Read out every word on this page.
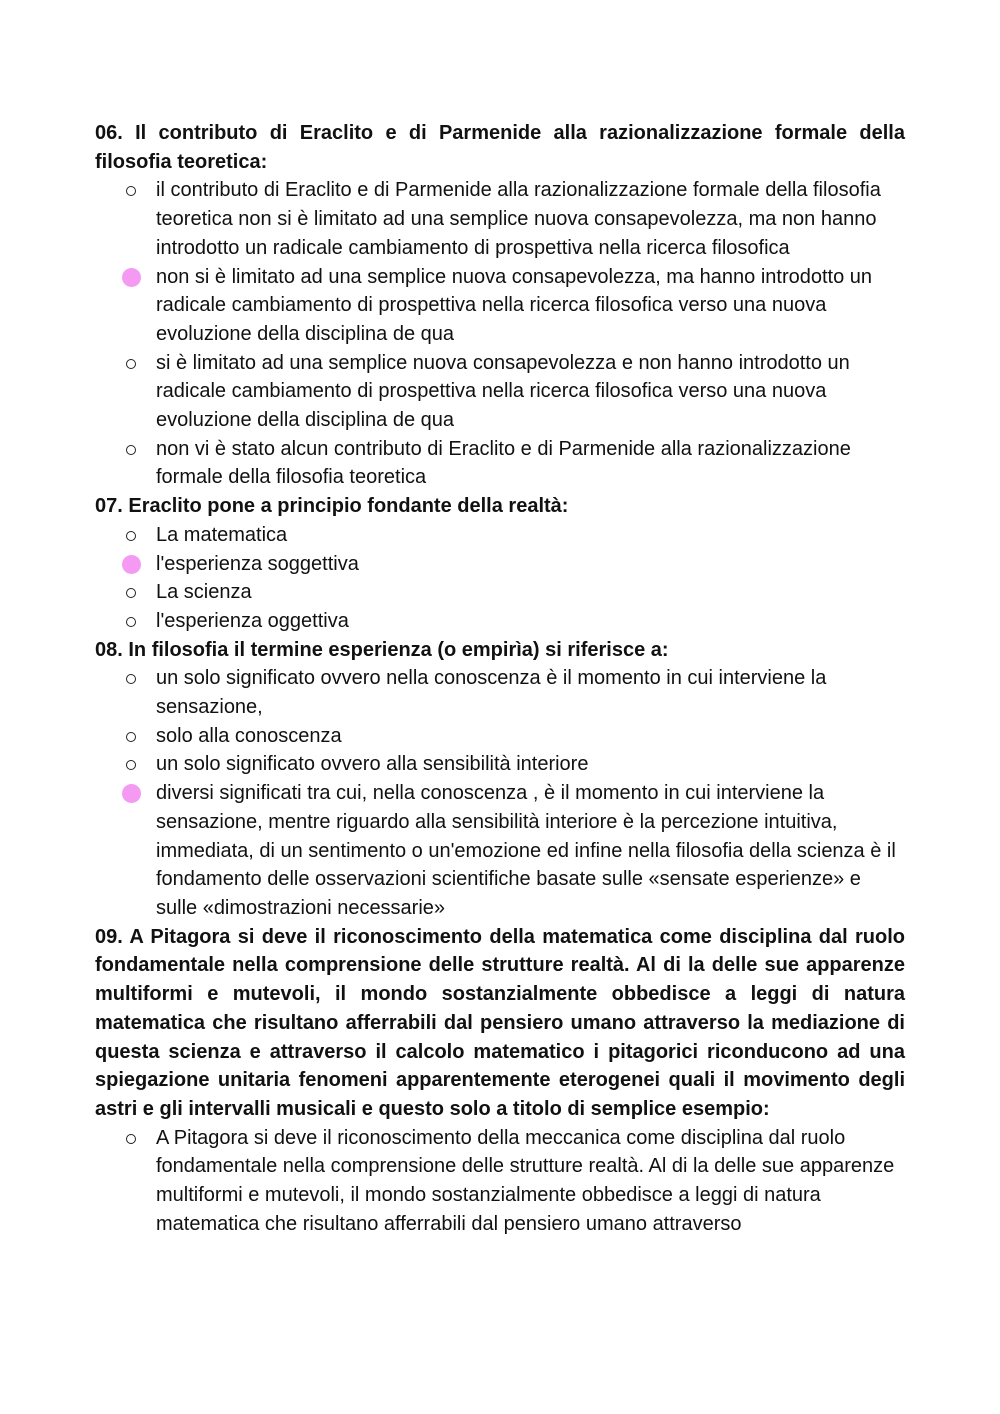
06. Il contributo di Eraclito e di Parmenide alla razionalizzazione formale della filosofia teoretica:

il contributo di Eraclito e di Parmenide alla razionalizzazione formale della filosofia teoretica non si è limitato ad una semplice nuova consapevolezza, ma non hanno introdotto un radicale cambiamento di prospettiva nella ricerca filosofica
non si è limitato ad una semplice nuova consapevolezza, ma hanno introdotto un radicale cambiamento di prospettiva nella ricerca filosofica verso una nuova evoluzione della disciplina de qua
si è limitato ad una semplice nuova consapevolezza e non hanno introdotto un radicale cambiamento di prospettiva nella ricerca filosofica verso una nuova evoluzione della disciplina de qua
non vi è stato alcun contributo di Eraclito e di Parmenide alla razionalizzazione formale della filosofia teoretica

07. Eraclito pone a principio fondante della realtà:

La matematica
l'esperienza soggettiva
La scienza
l'esperienza oggettiva

08. In filosofia il termine esperienza (o empirìa) si riferisce a:

un solo significato ovvero nella conoscenza è il momento in cui interviene la sensazione,
solo alla conoscenza
un solo significato ovvero alla sensibilità interiore
diversi significati tra cui, nella conoscenza , è il momento in cui interviene la sensazione, mentre riguardo alla sensibilità interiore è la percezione intuitiva, immediata, di un sentimento o un'emozione ed infine nella filosofia della scienza è il fondamento delle osservazioni scientifiche basate sulle «sensate esperienze» e sulle «dimostrazioni necessarie»

09. A Pitagora si deve il riconoscimento della matematica come disciplina dal ruolo fondamentale nella comprensione delle strutture realtà. Al di la delle sue apparenze multiformi e mutevoli, il mondo sostanzialmente obbedisce a leggi di natura matematica che risultano afferrabili dal pensiero umano attraverso la mediazione di questa scienza e attraverso il calcolo matematico i pitagorici riconducono ad una spiegazione unitaria fenomeni apparentemente eterogenei quali il movimento degli astri e gli intervalli musicali e questo solo a titolo di semplice esempio:

A Pitagora si deve il riconoscimento della meccanica come disciplina dal ruolo fondamentale nella comprensione delle strutture realtà. Al di la delle sue apparenze multiformi e mutevoli, il mondo sostanzialmente obbedisce a leggi di natura matematica che risultano afferrabili dal pensiero umano attraverso
